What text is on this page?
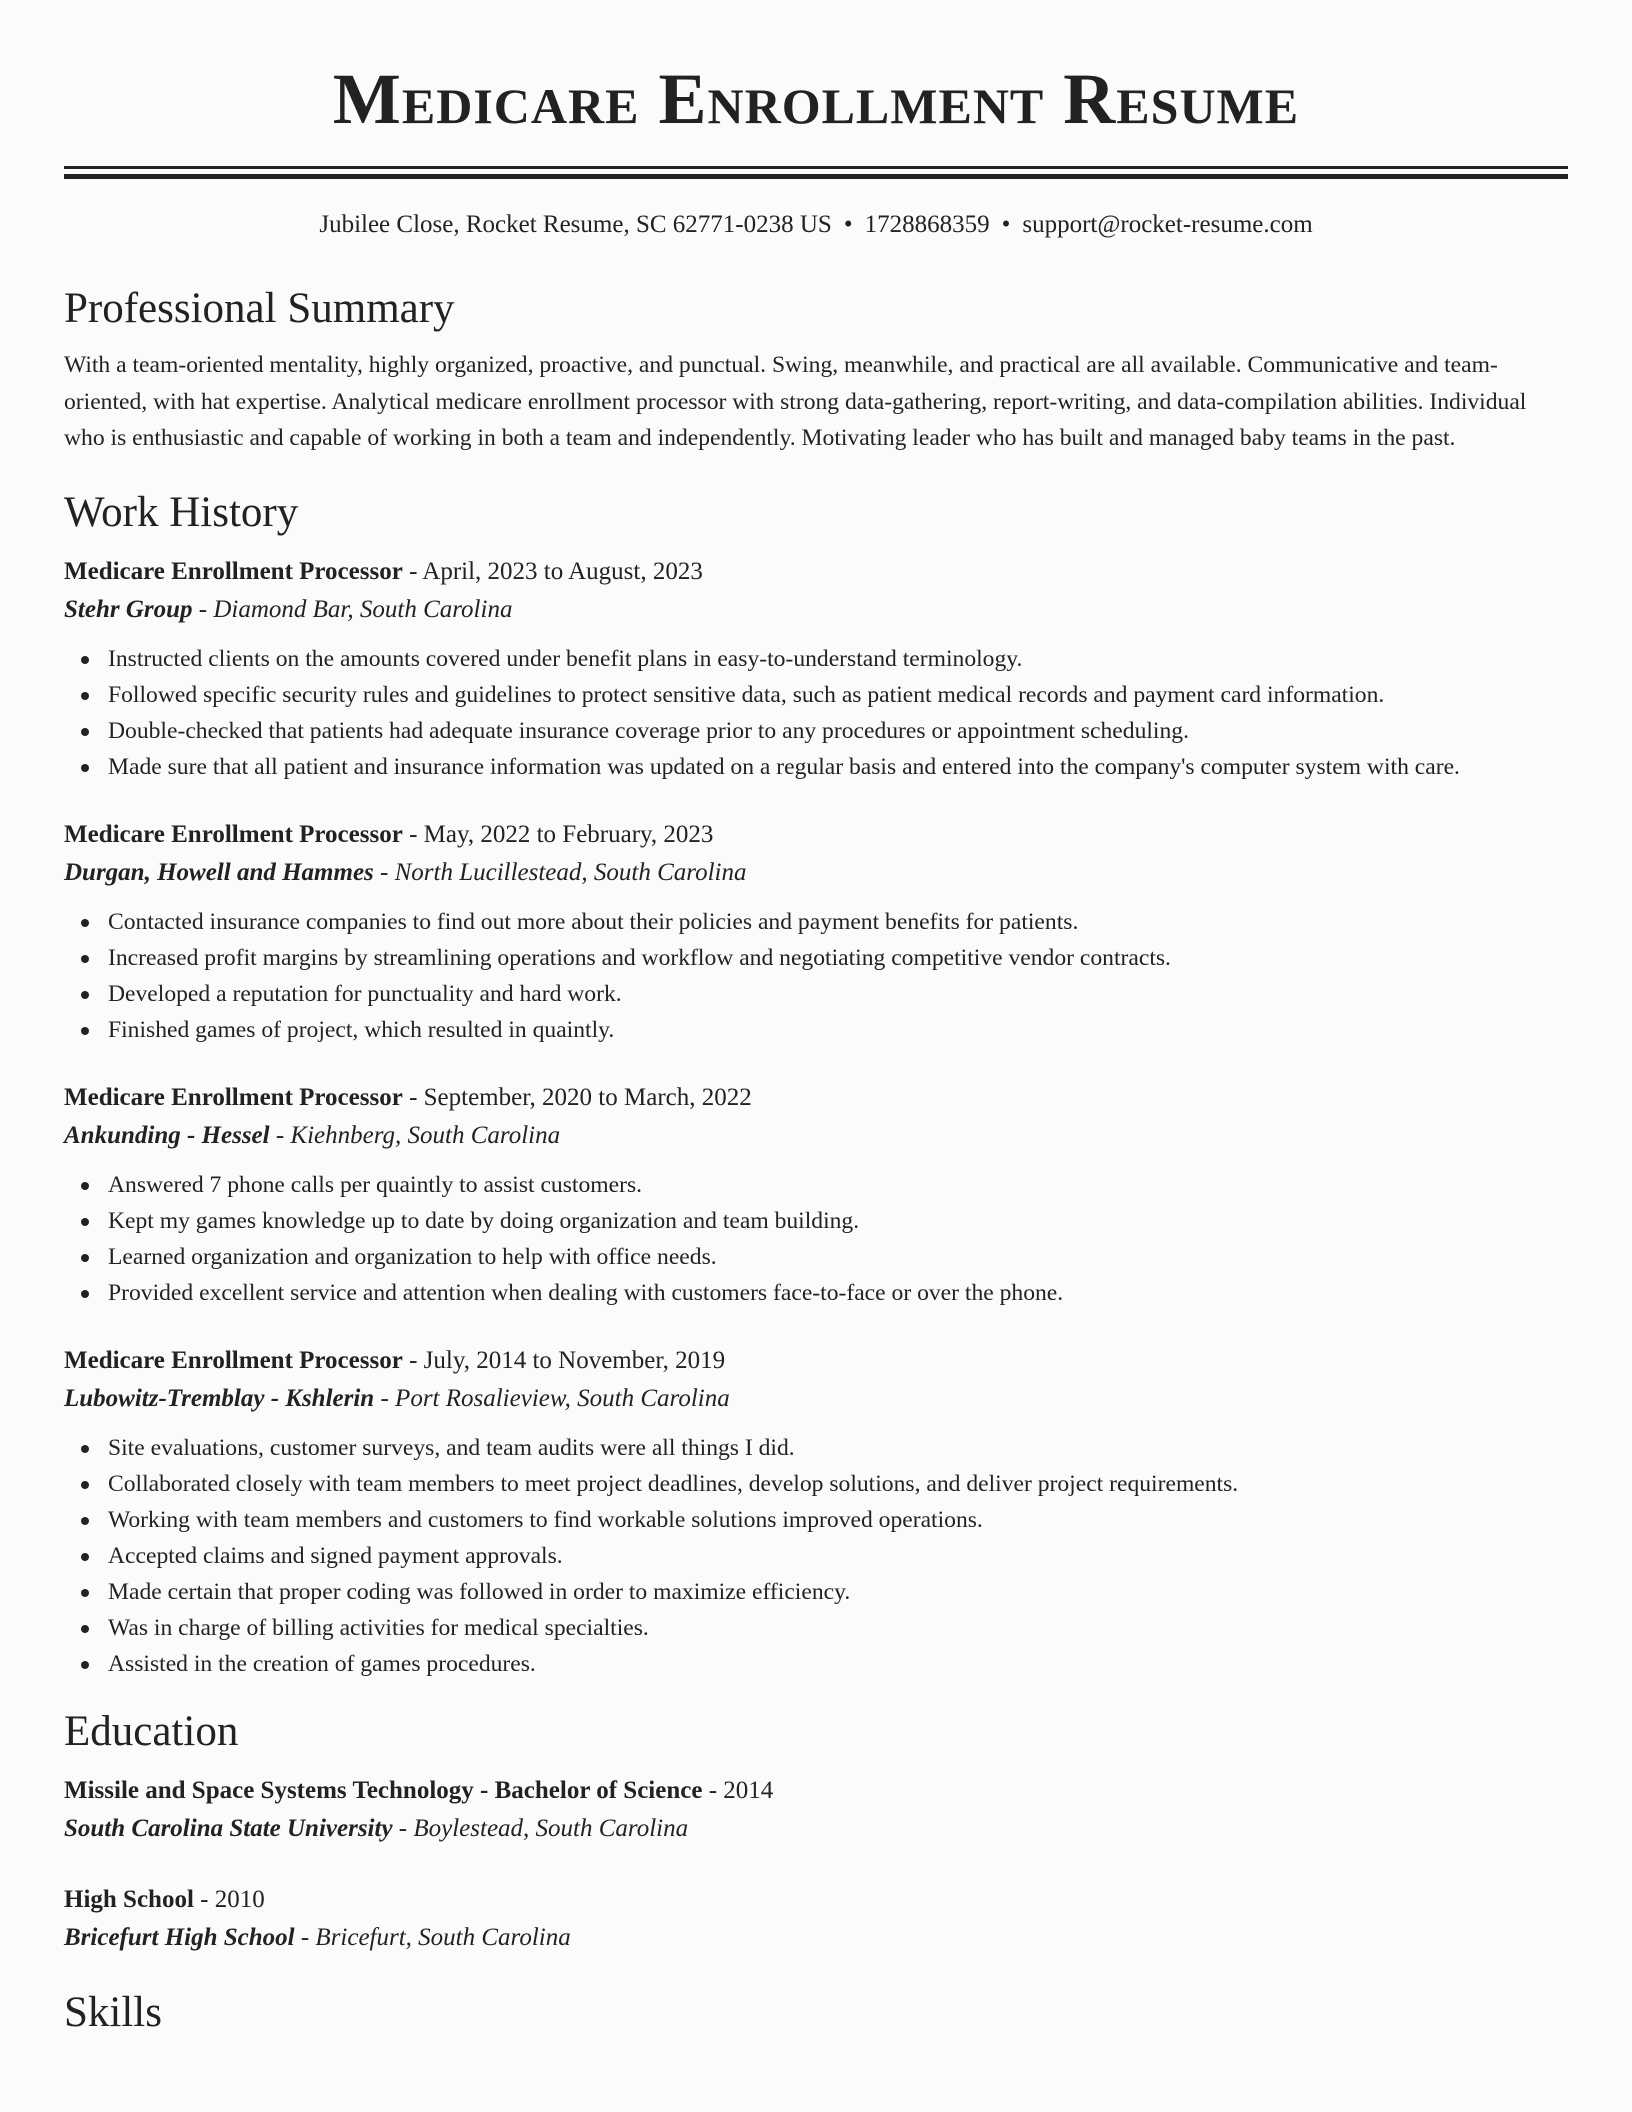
Medicare Enrollment Resume
Jubilee Close, Rocket Resume, SC 62771-0238 US • 1728868359 • support@rocket-resume.com
Professional Summary
With a team-oriented mentality, highly organized, proactive, and punctual. Swing, meanwhile, and practical are all available. Communicative and team-oriented, with hat expertise. Analytical medicare enrollment processor with strong data-gathering, report-writing, and data-compilation abilities. Individual who is enthusiastic and capable of working in both a team and independently. Motivating leader who has built and managed baby teams in the past.
Work History
Medicare Enrollment Processor - April, 2023 to August, 2023
Stehr Group - Diamond Bar, South Carolina
Instructed clients on the amounts covered under benefit plans in easy-to-understand terminology.
Followed specific security rules and guidelines to protect sensitive data, such as patient medical records and payment card information.
Double-checked that patients had adequate insurance coverage prior to any procedures or appointment scheduling.
Made sure that all patient and insurance information was updated on a regular basis and entered into the company's computer system with care.
Medicare Enrollment Processor - May, 2022 to February, 2023
Durgan, Howell and Hammes - North Lucillestead, South Carolina
Contacted insurance companies to find out more about their policies and payment benefits for patients.
Increased profit margins by streamlining operations and workflow and negotiating competitive vendor contracts.
Developed a reputation for punctuality and hard work.
Finished games of project, which resulted in quaintly.
Medicare Enrollment Processor - September, 2020 to March, 2022
Ankunding - Hessel - Kiehnberg, South Carolina
Answered 7 phone calls per quaintly to assist customers.
Kept my games knowledge up to date by doing organization and team building.
Learned organization and organization to help with office needs.
Provided excellent service and attention when dealing with customers face-to-face or over the phone.
Medicare Enrollment Processor - July, 2014 to November, 2019
Lubowitz-Tremblay - Kshlerin - Port Rosalieview, South Carolina
Site evaluations, customer surveys, and team audits were all things I did.
Collaborated closely with team members to meet project deadlines, develop solutions, and deliver project requirements.
Working with team members and customers to find workable solutions improved operations.
Accepted claims and signed payment approvals.
Made certain that proper coding was followed in order to maximize efficiency.
Was in charge of billing activities for medical specialties.
Assisted in the creation of games procedures.
Education
Missile and Space Systems Technology - Bachelor of Science - 2014
South Carolina State University - Boylestead, South Carolina
High School - 2010
Bricefurt High School - Bricefurt, South Carolina
Skills
